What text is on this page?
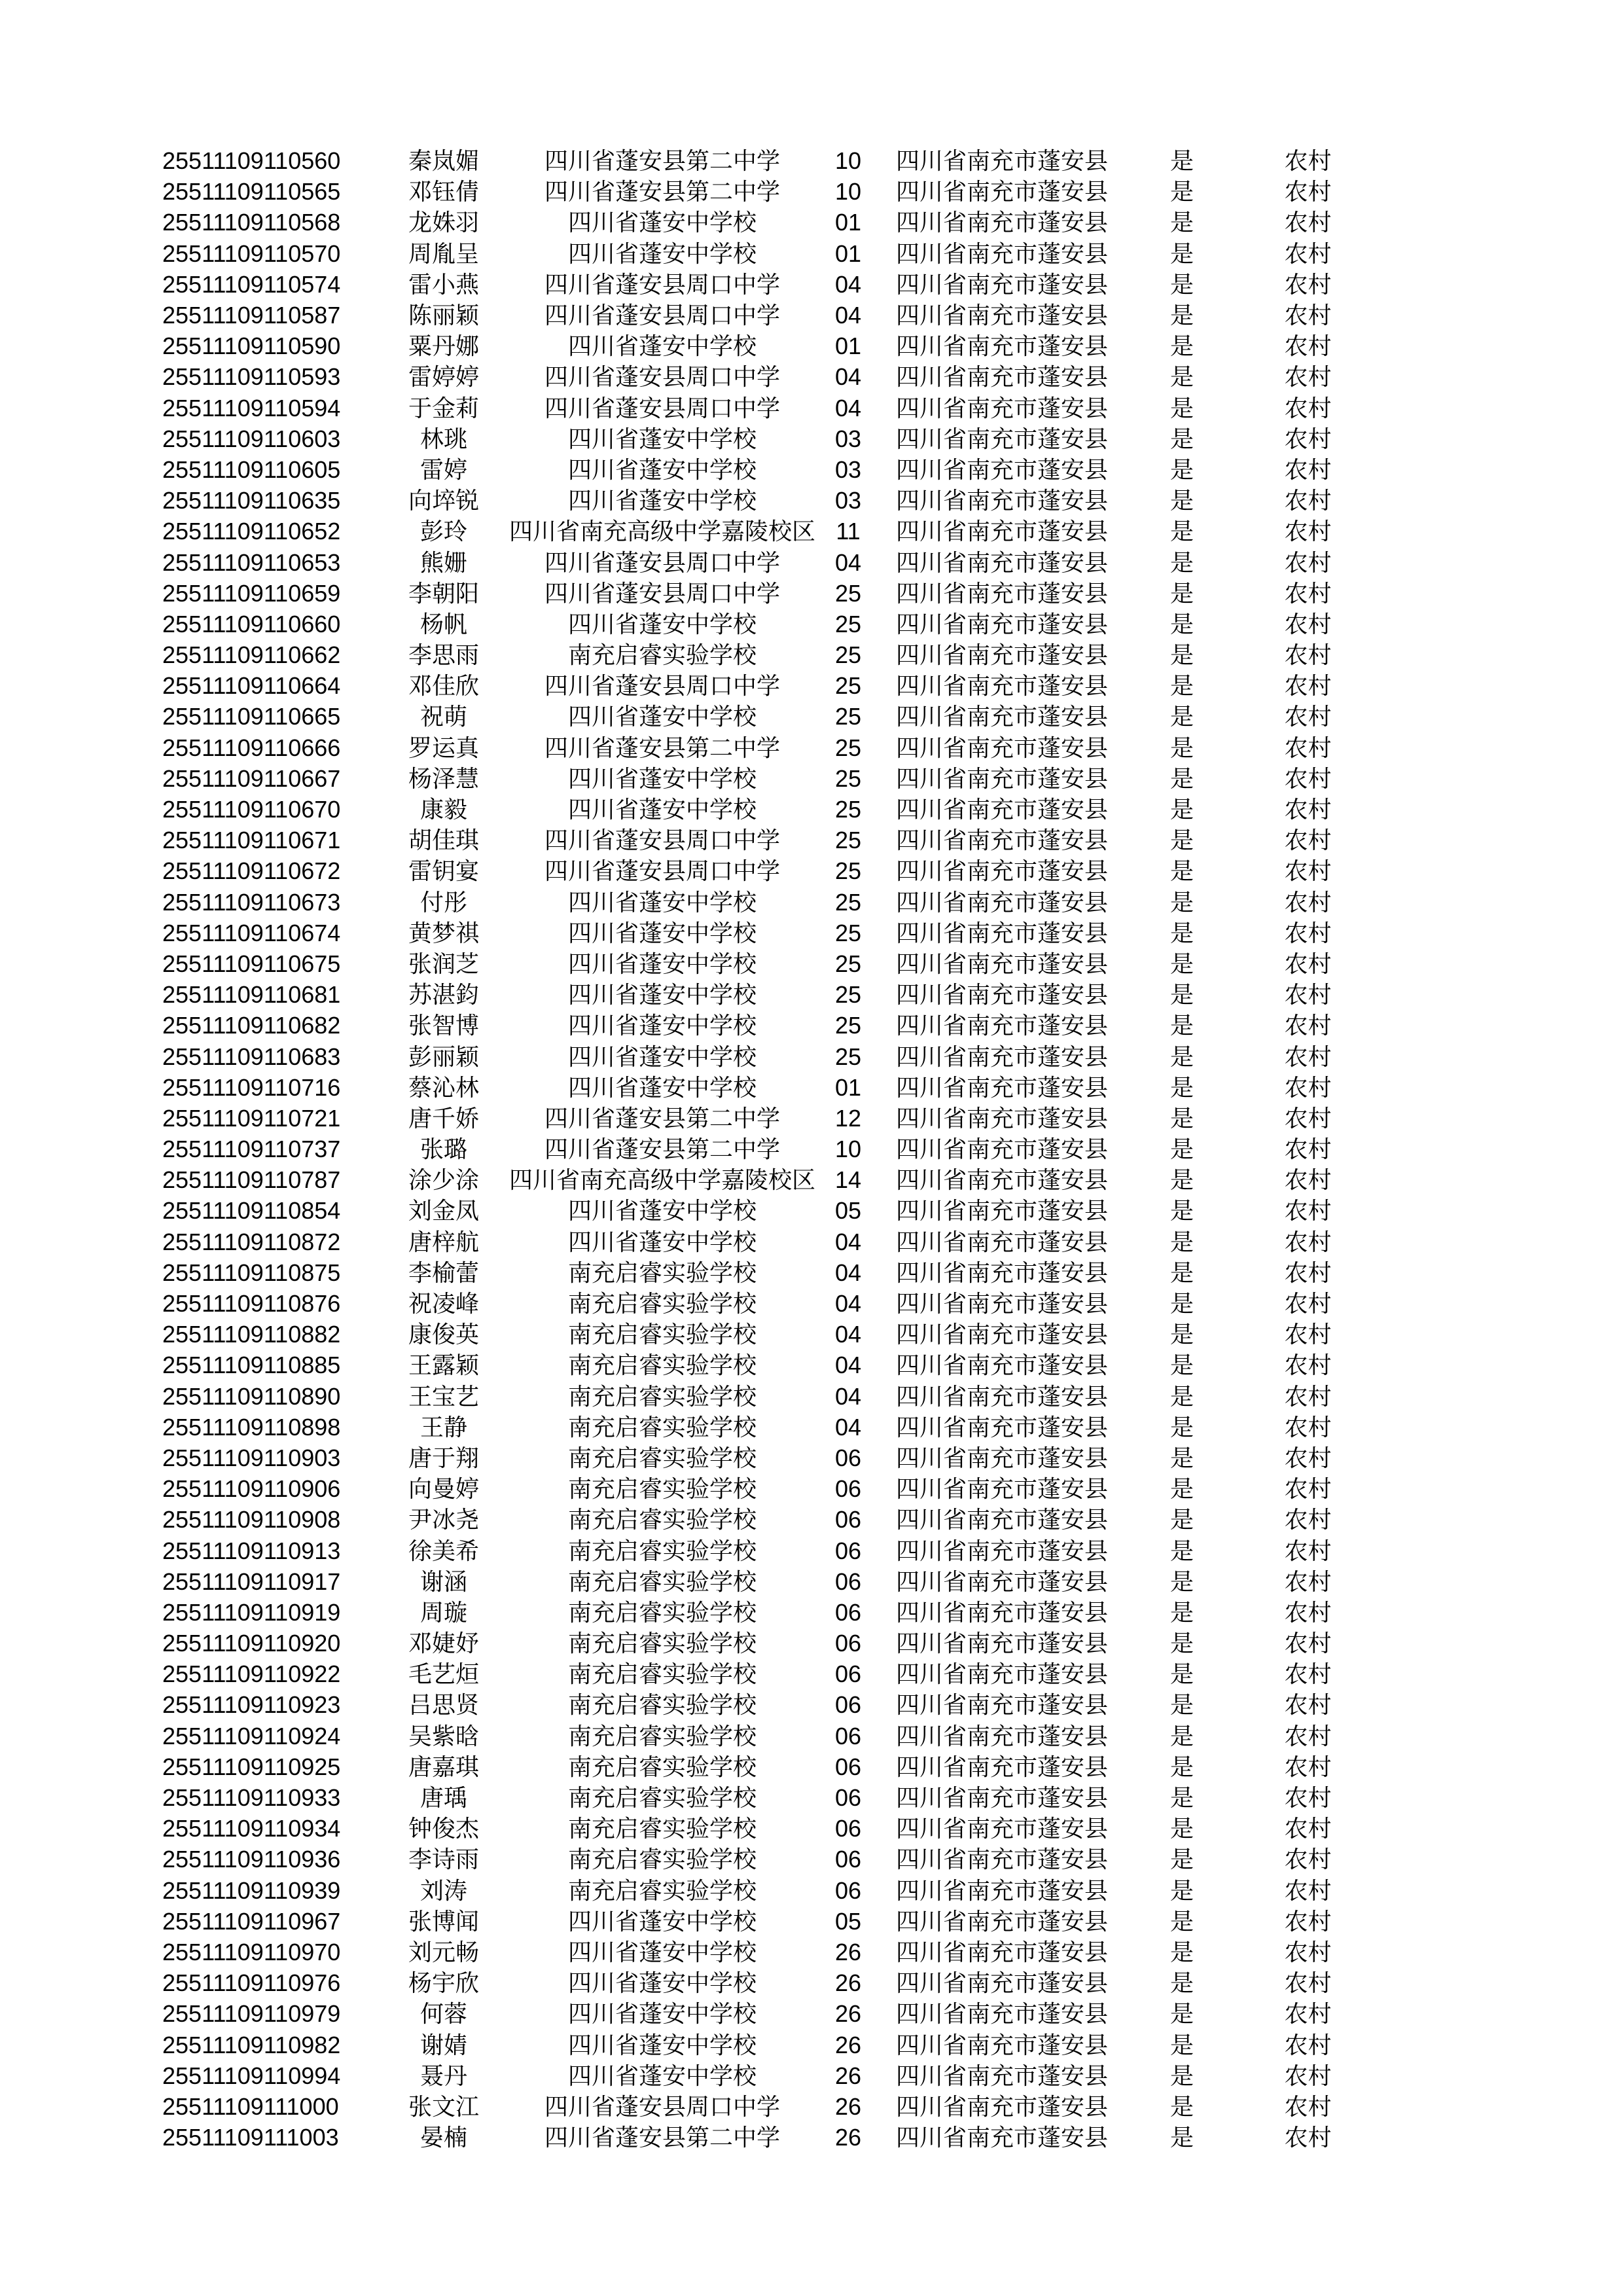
25511109110560	秦岚媚	四川省蓬安县第二中学	10	四川省南充市蓬安县	是	农村
25511109110565	邓钰倩	四川省蓬安县第二中学	10	四川省南充市蓬安县	是	农村
25511109110568	龙姝羽	四川省蓬安中学校	01	四川省南充市蓬安县	是	农村
25511109110570	周胤呈	四川省蓬安中学校	01	四川省南充市蓬安县	是	农村
25511109110574	雷小燕	四川省蓬安县周口中学	04	四川省南充市蓬安县	是	农村
25511109110587	陈丽颖	四川省蓬安县周口中学	04	四川省南充市蓬安县	是	农村
25511109110590	粟丹娜	四川省蓬安中学校	01	四川省南充市蓬安县	是	农村
25511109110593	雷婷婷	四川省蓬安县周口中学	04	四川省南充市蓬安县	是	农村
25511109110594	于金莉	四川省蓬安县周口中学	04	四川省南充市蓬安县	是	农村
25511109110603	林珧	四川省蓬安中学校	03	四川省南充市蓬安县	是	农村
25511109110605	雷婷	四川省蓬安中学校	03	四川省南充市蓬安县	是	农村
25511109110635	向埣锐	四川省蓬安中学校	03	四川省南充市蓬安县	是	农村
25511109110652	彭玲	四川省南充高级中学嘉陵校区	11	四川省南充市蓬安县	是	农村
25511109110653	熊姗	四川省蓬安县周口中学	04	四川省南充市蓬安县	是	农村
25511109110659	李朝阳	四川省蓬安县周口中学	25	四川省南充市蓬安县	是	农村
25511109110660	杨帆	四川省蓬安中学校	25	四川省南充市蓬安县	是	农村
25511109110662	李思雨	南充启睿实验学校	25	四川省南充市蓬安县	是	农村
25511109110664	邓佳欣	四川省蓬安县周口中学	25	四川省南充市蓬安县	是	农村
25511109110665	祝萌	四川省蓬安中学校	25	四川省南充市蓬安县	是	农村
25511109110666	罗运真	四川省蓬安县第二中学	25	四川省南充市蓬安县	是	农村
25511109110667	杨泽慧	四川省蓬安中学校	25	四川省南充市蓬安县	是	农村
25511109110670	康毅	四川省蓬安中学校	25	四川省南充市蓬安县	是	农村
25511109110671	胡佳琪	四川省蓬安县周口中学	25	四川省南充市蓬安县	是	农村
25511109110672	雷钥宴	四川省蓬安县周口中学	25	四川省南充市蓬安县	是	农村
25511109110673	付彤	四川省蓬安中学校	25	四川省南充市蓬安县	是	农村
25511109110674	黄梦祺	四川省蓬安中学校	25	四川省南充市蓬安县	是	农村
25511109110675	张润芝	四川省蓬安中学校	25	四川省南充市蓬安县	是	农村
25511109110681	苏湛鈞	四川省蓬安中学校	25	四川省南充市蓬安县	是	农村
25511109110682	张智博	四川省蓬安中学校	25	四川省南充市蓬安县	是	农村
25511109110683	彭丽颖	四川省蓬安中学校	25	四川省南充市蓬安县	是	农村
25511109110716	蔡沁林	四川省蓬安中学校	01	四川省南充市蓬安县	是	农村
25511109110721	唐千娇	四川省蓬安县第二中学	12	四川省南充市蓬安县	是	农村
25511109110737	张璐	四川省蓬安县第二中学	10	四川省南充市蓬安县	是	农村
25511109110787	涂少涂	四川省南充高级中学嘉陵校区	14	四川省南充市蓬安县	是	农村
25511109110854	刘金凤	四川省蓬安中学校	05	四川省南充市蓬安县	是	农村
25511109110872	唐梓航	四川省蓬安中学校	04	四川省南充市蓬安县	是	农村
25511109110875	李榆蕾	南充启睿实验学校	04	四川省南充市蓬安县	是	农村
25511109110876	祝凌峰	南充启睿实验学校	04	四川省南充市蓬安县	是	农村
25511109110882	康俊英	南充启睿实验学校	04	四川省南充市蓬安县	是	农村
25511109110885	王露颖	南充启睿实验学校	04	四川省南充市蓬安县	是	农村
25511109110890	王宝艺	南充启睿实验学校	04	四川省南充市蓬安县	是	农村
25511109110898	王静	南充启睿实验学校	04	四川省南充市蓬安县	是	农村
25511109110903	唐于翔	南充启睿实验学校	06	四川省南充市蓬安县	是	农村
25511109110906	向曼婷	南充启睿实验学校	06	四川省南充市蓬安县	是	农村
25511109110908	尹冰尧	南充启睿实验学校	06	四川省南充市蓬安县	是	农村
25511109110913	徐美希	南充启睿实验学校	06	四川省南充市蓬安县	是	农村
25511109110917	谢涵	南充启睿实验学校	06	四川省南充市蓬安县	是	农村
25511109110919	周璇	南充启睿实验学校	06	四川省南充市蓬安县	是	农村
25511109110920	邓婕妤	南充启睿实验学校	06	四川省南充市蓬安县	是	农村
25511109110922	毛艺烜	南充启睿实验学校	06	四川省南充市蓬安县	是	农村
25511109110923	吕思贤	南充启睿实验学校	06	四川省南充市蓬安县	是	农村
25511109110924	吴紫晗	南充启睿实验学校	06	四川省南充市蓬安县	是	农村
25511109110925	唐嘉琪	南充启睿实验学校	06	四川省南充市蓬安县	是	农村
25511109110933	唐瑀	南充启睿实验学校	06	四川省南充市蓬安县	是	农村
25511109110934	钟俊杰	南充启睿实验学校	06	四川省南充市蓬安县	是	农村
25511109110936	李诗雨	南充启睿实验学校	06	四川省南充市蓬安县	是	农村
25511109110939	刘涛	南充启睿实验学校	06	四川省南充市蓬安县	是	农村
25511109110967	张博闻	四川省蓬安中学校	05	四川省南充市蓬安县	是	农村
25511109110970	刘元畅	四川省蓬安中学校	26	四川省南充市蓬安县	是	农村
25511109110976	杨宇欣	四川省蓬安中学校	26	四川省南充市蓬安县	是	农村
25511109110979	何蓉	四川省蓬安中学校	26	四川省南充市蓬安县	是	农村
25511109110982	谢婧	四川省蓬安中学校	26	四川省南充市蓬安县	是	农村
25511109110994	聂丹	四川省蓬安中学校	26	四川省南充市蓬安县	是	农村
25511109111000	张文江	四川省蓬安县周口中学	26	四川省南充市蓬安县	是	农村
25511109111003	晏楠	四川省蓬安县第二中学	26	四川省南充市蓬安县	是	农村
